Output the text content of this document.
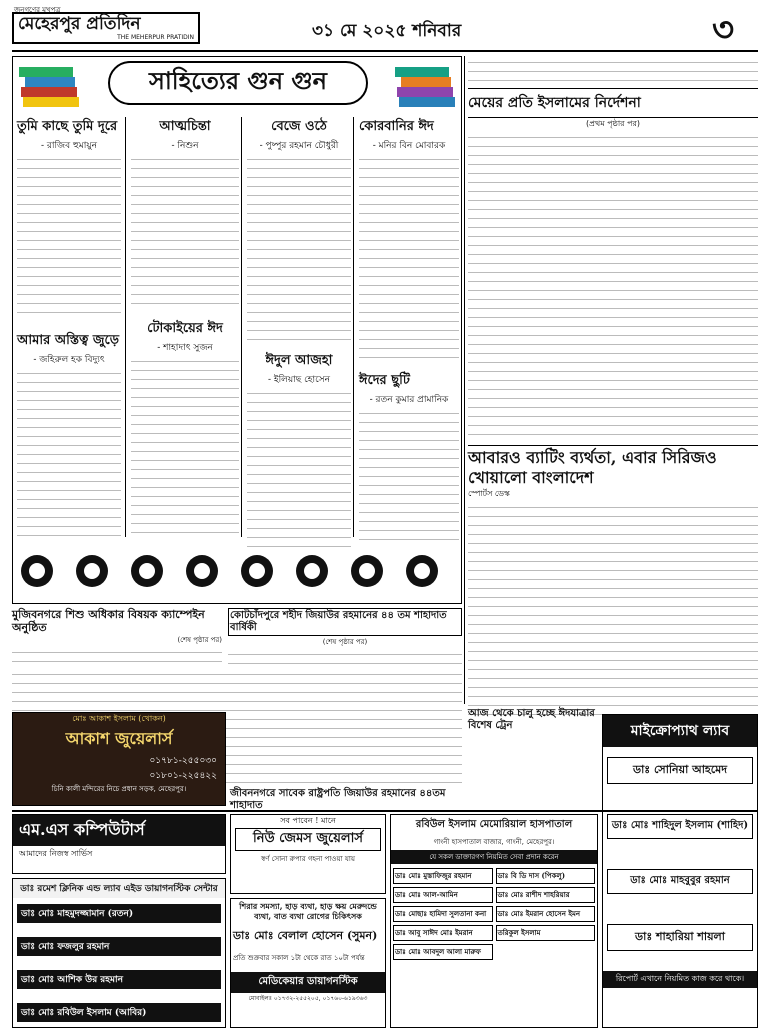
জনগণের মুখপত্র
মেহেরপুর প্রতিদিন
THE MEHERPUR PRATIDIN	৩১ মে ২০২৫ শনিবার	৩
সাহিত্যের গুন গুন
তুমি কাছে তুমি দূরে
- রাজিব হুমায়ুন
আমার অস্তিত্ব জুড়ে
- জহিরুল হক বিদ্যুৎ
আত্মচিন্তা
- নিশুন
টোকাইয়ের ঈদ
- শাহাদাৎ সুজন
বেজে ওঠে
- পুষ্পুর রহমান চৌধুরী
ঈদুল আজহা
- ইলিয়াছ হোসেন
কোরবানির ঈদ
- মনির বিন মোবারক
ঈদের ছুটি
- রতন কুমার প্রামানিক
মেয়ের প্রতি ইসলামের নির্দেশনা
(প্রথম পৃষ্ঠার পর)
আবারও ব্যাটিং ব্যর্থতা, এবার সিরিজও খোয়ালো বাংলাদেশ
স্পোর্টস ডেস্ক
মুজিবনগরে শিশু অধিকার বিষয়ক ক্যাম্পেইন অনুষ্ঠিত
(শেষ পৃষ্ঠার পর)
কোটচাঁদপুরে শহীদ জিয়াউর রহমানের ৪৪ তম শাহাদাত বার্ষিকী
(শেষ পৃষ্ঠার পর)
জীবননগরে সাবেক রাষ্ট্রপতি জিয়াউর রহমানের ৪৪তম শাহাদাত
এম.এস কম্পিউটার্স
আমাদের নিজস্ব সার্ভিস
ডাঃ রমেশ ক্লিনিক এন্ড ল্যাব এইড ডায়াগনস্টিক সেন্টার
ডাঃ মোঃ মাহমুদজ্জামান (রতন)
ডাঃ মোঃ ফজলুর রহমান
ডাঃ মোঃ আশিক উর রহমান
ডাঃ মোঃ রবিউল ইসলাম (আবির)
সব পাবেন ! মানে
নিউ জেমস জুয়েলার্স
স্বর্ণ সোনা রুপার গহনা পাওয়া যায়
শিরার সমস্যা, হাড় ব্যথা, হাড় ক্ষয় মেরুদন্ডে ব্যথা, বাত ব্যথা রোগের চিকিৎসক
ডাঃ মোঃ বেলাল হোসেন (সুমন)
প্রতি শুক্রবার সকাল ১টা থেকে রাত ১০টা পর্যন্ত
মেডিকেয়ার ডায়াগনস্টিক
মোবাইলঃ ০১৭৩২-২৫৫২০৫, ০১৭৬০-৬১৯৩৬৩
রবিউল ইসলাম মেমোরিয়াল হাসপাতাল
গাংনী হাসপাতাল বাজার, গাংনী, মেহেরপুর।
যে সকল ডাক্তারগণ নিয়মিত সেবা প্রদান করেন
ডাঃ মোঃ মুস্তাফিজুর রহমান	ডাঃ বি ডি দাস (পিকলু)
ডাঃ মোঃ আল-আমিন	ডাঃ মোঃ রাশীদ শাহরিয়ার
ডাঃ মোছাঃ হামিদা সুলতানা কনা	ডাঃ মোঃ ইমরান হোসেন ইমন
ডাঃ আবু সাঈদ মোঃ ইমরান	তরিকুল ইসলাম
ডাঃ মোঃ আবদুল আলা মারুফ
মাইক্রোপ্যাথ ল্যাব
ডাঃ সোনিয়া আহমেদ
ডাঃ মোঃ শাহিদুল ইসলাম (শাহিদ)
ডাঃ মোঃ মাহবুবুর রহমান
ডাঃ শাহারিয়া শায়লা
রিপোর্ট এখানে নিয়মিত কাজ করে থাকে।
মোঃ আকাশ ইসলাম (খোকন)
আকাশ জুয়েলার্স
০১৭৮১-২৫৫০৩০
০১৮০১-২২৫৪২২
চিনি কালী মন্দিরের নিচে প্রধান সড়ক, মেহেরপুর।
আজ থেকে চালু হচ্ছে ঈদযাত্রার বিশেষ ট্রেন
